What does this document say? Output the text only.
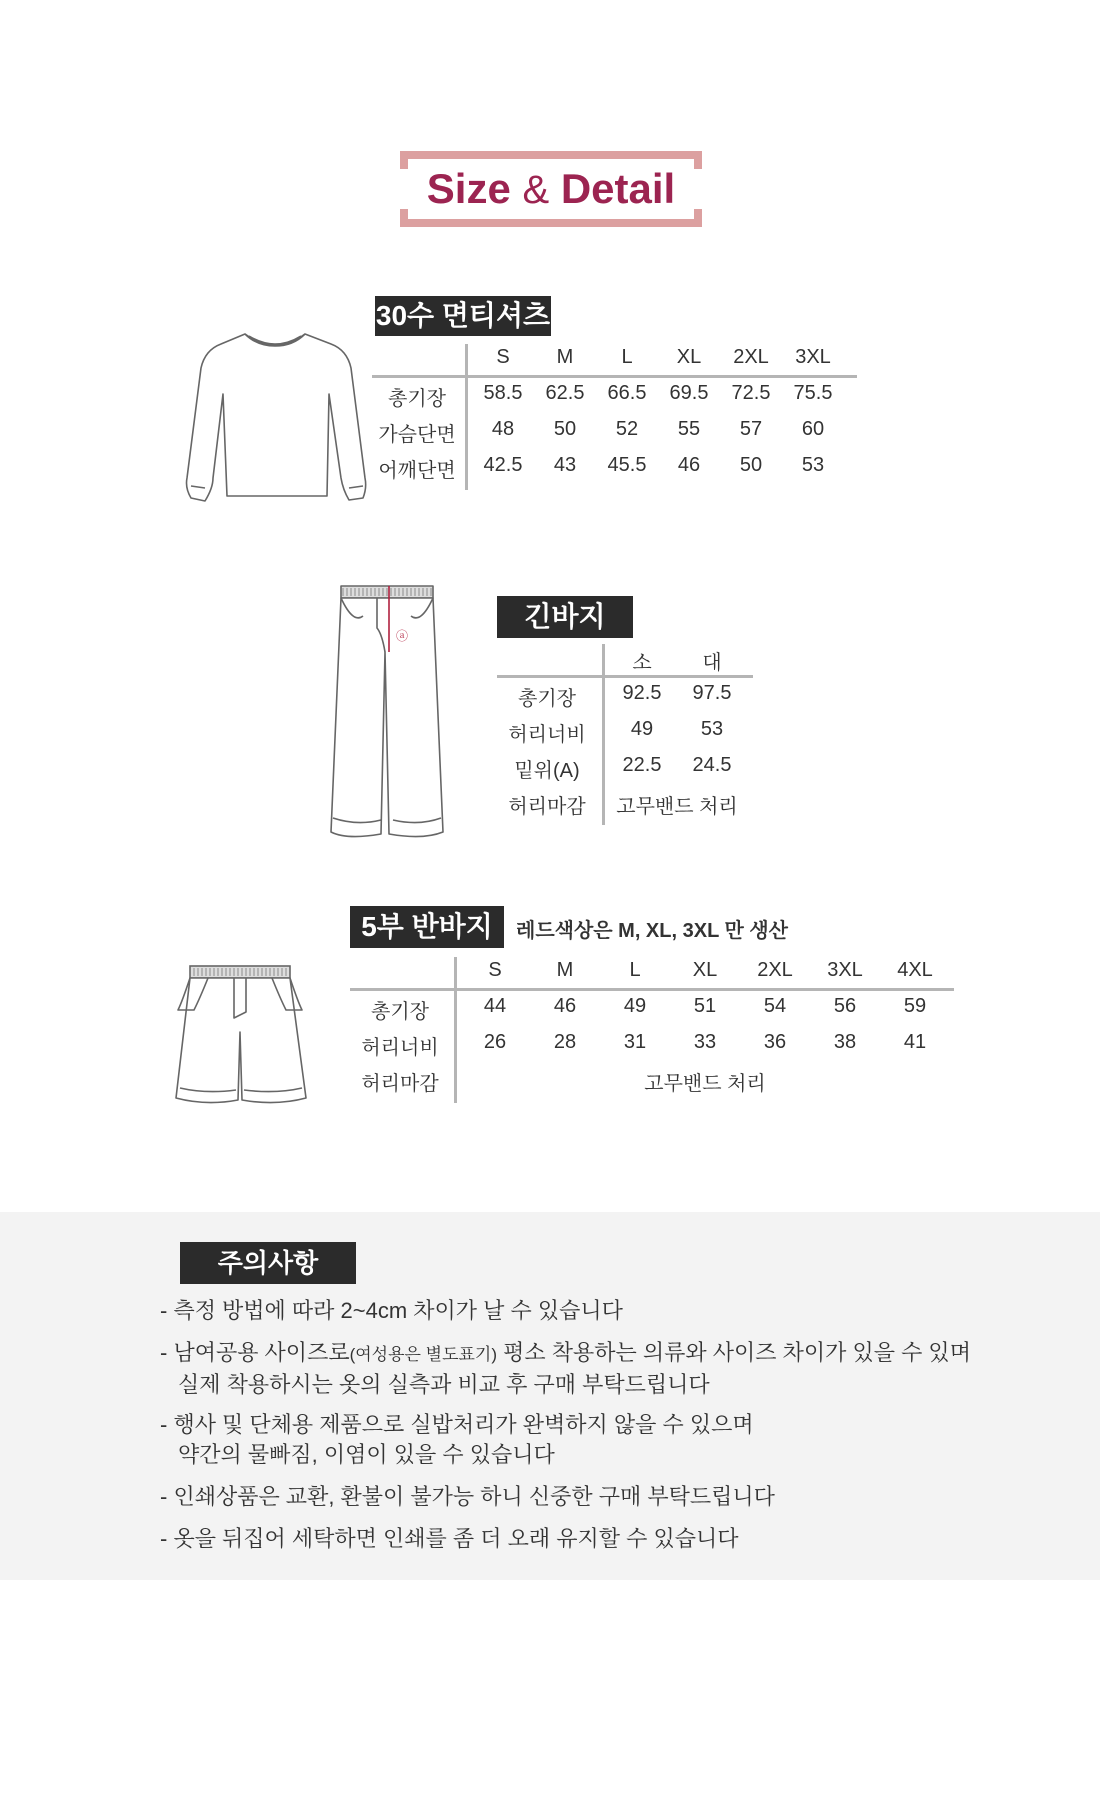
Size & Detail
30수 면티셔츠
S	M	L	XL	2XL	3XL
총기장	58.5	62.5	66.5	69.5	72.5	75.5
가슴단면	48	50	52	55	57	60
어깨단면	42.5	43	45.5	46	50	53
ⓐ
긴바지
소	대
총기장	92.5	97.5
허리너비	49	53
밑위(A)	22.5	24.5
허리마감	고무밴드 처리
5부 반바지	레드색상은 M, XL, 3XL 만 생산
S	M	L	XL	2XL	3XL	4XL
총기장	44	46	49	51	54	56	59
허리너비	26	28	31	33	36	38	41
허리마감	고무밴드 처리
주의사항
- 측정 방법에 따라 2~4cm 차이가 날 수 있습니다
- 남여공용 사이즈로(여성용은 별도표기) 평소 착용하는 의류와 사이즈 차이가 있을 수 있며
실제 착용하시는 옷의 실측과 비교 후 구매 부탁드립니다
- 행사 및 단체용 제품으로 실밥처리가 완벽하지 않을 수 있으며
약간의 물빠짐, 이염이 있을 수 있습니다
- 인쇄상품은 교환, 환불이 불가능 하니 신중한 구매 부탁드립니다
- 옷을 뒤집어 세탁하면 인쇄를 좀 더 오래 유지할 수 있습니다
